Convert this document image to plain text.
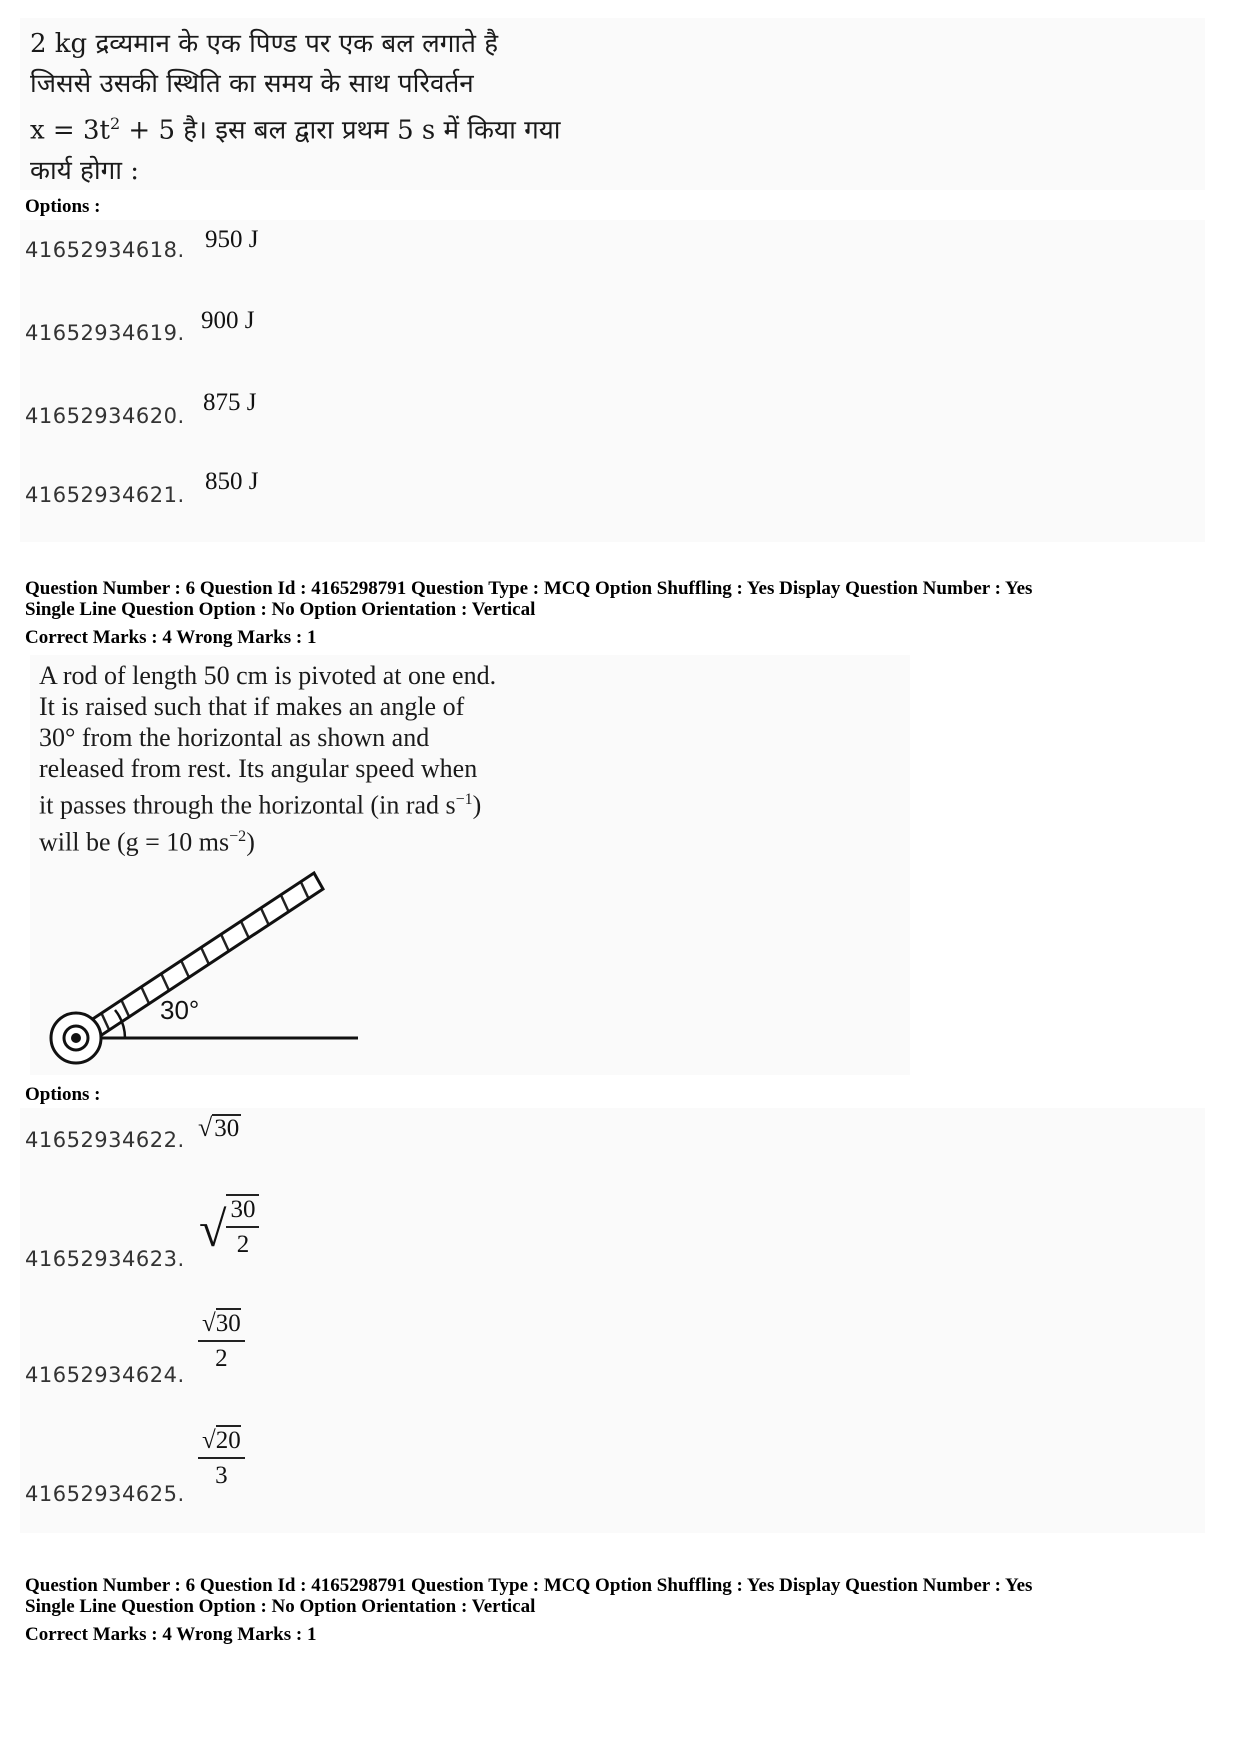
2 kg द्रव्यमान के एक पिण्ड पर एक बल लगाते है

जिससे उसकी स्थिति का समय के साथ परिवर्तन

$x = 3t^2 + 5$ है। इस बल द्वारा प्रथम 5 s में किया गया

कार्य होगा :

Options :
41652934618. 950 J
41652934619. 900 J
41652934620. 875 J
41652934621. 850 J
Question Number : 6 Question Id : 4165298791 Question Type : MCQ Option Shuffling : Yes Display Question Number : Yes
Single Line Question Option : No Option Orientation : Vertical
Correct Marks : 4 Wrong Marks : 1

A rod of length 50 cm is pivoted at one end.

It is raised such that if makes an angle of

30° from the horizontal as shown and

released from rest. Its angular speed when

it passes through the horizontal (in rad $s^{-1}$)

will be (g = 10 $ms^{-2}$)

30°
Options :
41652934622. √ 30
41652934623.
√ $\frac{30}{2}$
41652934624.
$\frac{√30}{2}$
41652934625.
$\frac{√20}{3}$
Question Number : 6 Question Id : 4165298791 Question Type : MCQ Option Shuffling : Yes Display Question Number : Yes
Single Line Question Option : No Option Orientation : Vertical
Correct Marks : 4 Wrong Marks : 1
